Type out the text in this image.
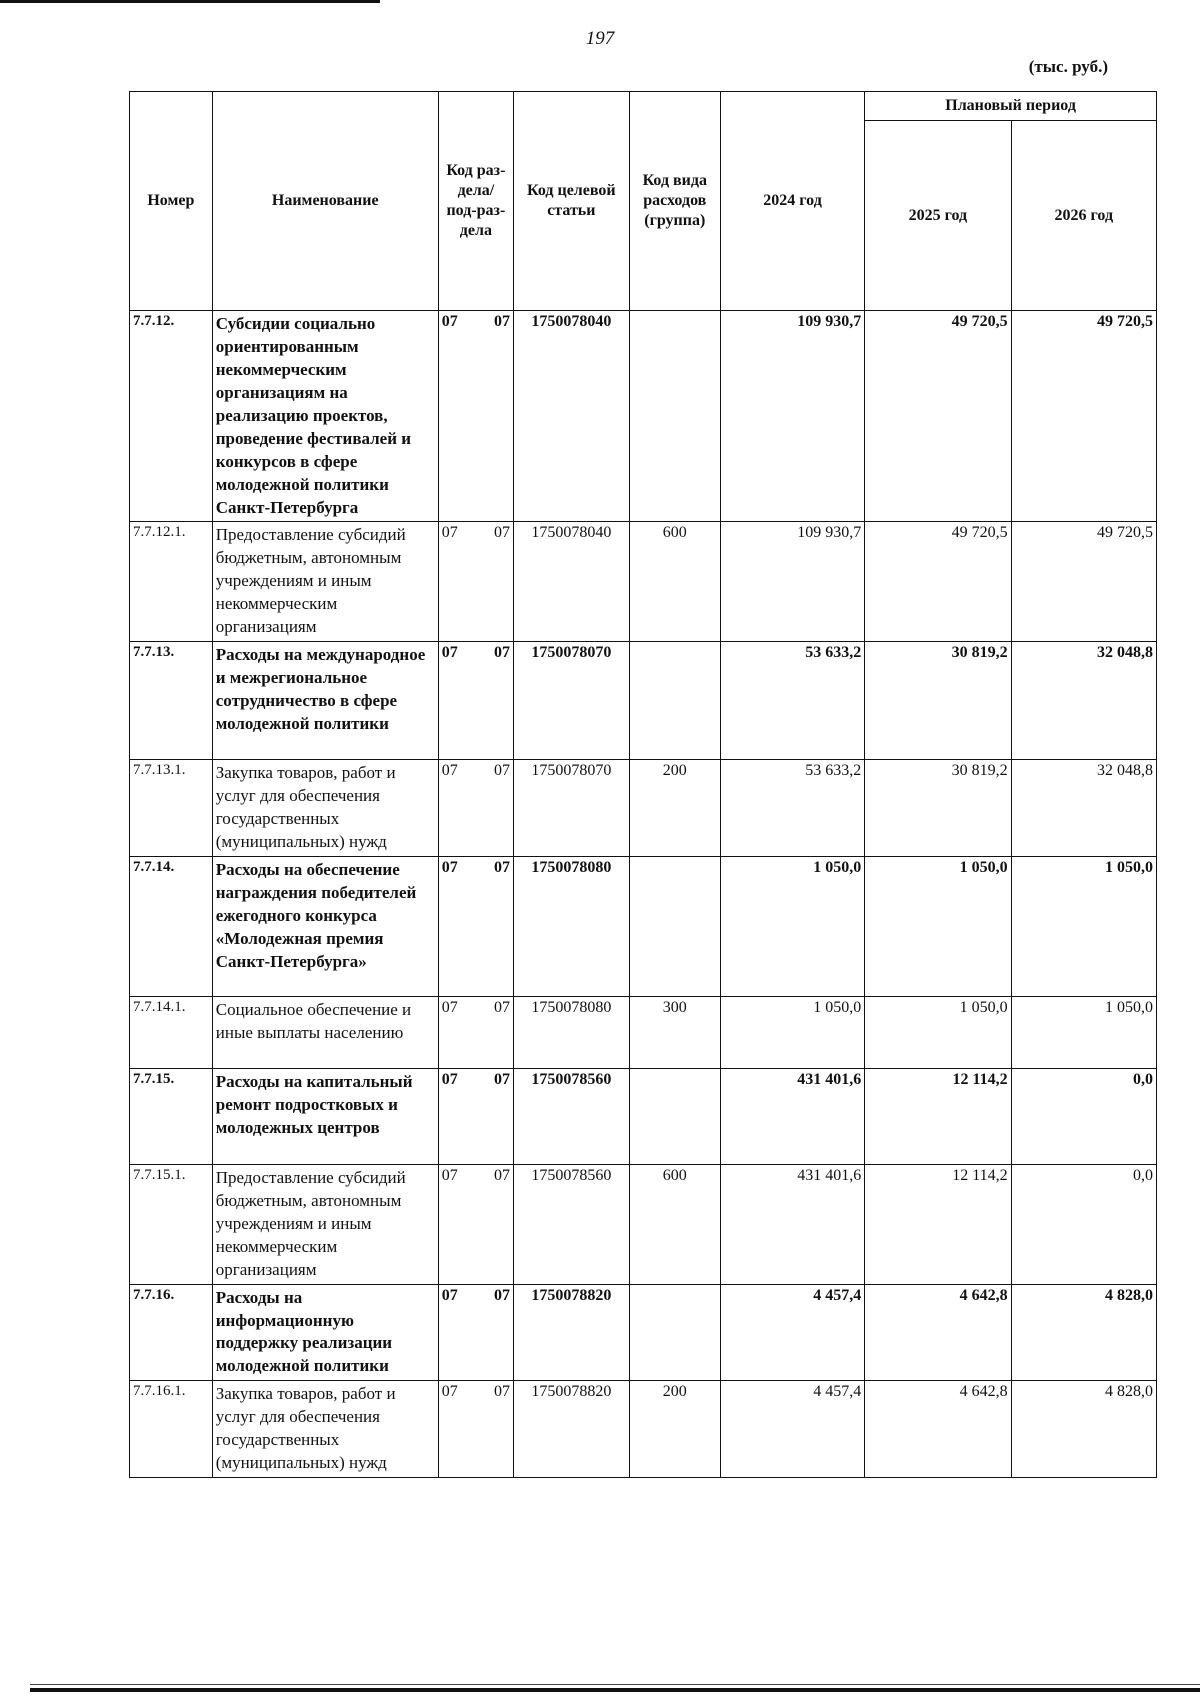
197
(тыс. руб.)
Номер	Наименование	Код раз-дела/ под-раз-дела	Код целевой статьи	Код вида расходов (группа)	2024 год	Плановый период	
						2025 год	2026 год
7.7.12.	Субсидии социально ориентированным некоммерческим организациям на реализацию проектов, проведение фестивалей и конкурсов в сфере молодежной политики Санкт-Петербурга	07 07	1750078040		109 930,7	49 720,5	49 720,5
7.7.12.1.	Предоставление субсидий бюджетным, автономным учреждениям и иным некоммерческим организациям	07 07	1750078040	600	109 930,7	49 720,5	49 720,5
7.7.13.	Расходы на международное и межрегиональное сотрудничество в сфере молодежной политики	07 07	1750078070		53 633,2	30 819,2	32 048,8
7.7.13.1.	Закупка товаров, работ и услуг для обеспечения государственных (муниципальных) нужд	07 07	1750078070	200	53 633,2	30 819,2	32 048,8
7.7.14.	Расходы на обеспечение награждения победителей ежегодного конкурса «Молодежная премия Санкт-Петербурга»	07 07	1750078080		1 050,0	1 050,0	1 050,0
7.7.14.1.	Социальное обеспечение и иные выплаты населению	07 07	1750078080	300	1 050,0	1 050,0	1 050,0
7.7.15.	Расходы на капитальный ремонт подростковых и молодежных центров	07 07	1750078560		431 401,6	12 114,2	0,0
7.7.15.1.	Предоставление субсидий бюджетным, автономным учреждениям и иным некоммерческим организациям	07 07	1750078560	600	431 401,6	12 114,2	0,0
7.7.16.	Расходы на информационную поддержку реализации молодежной политики	07 07	1750078820		4 457,4	4 642,8	4 828,0
7.7.16.1.	Закупка товаров, работ и услуг для обеспечения государственных (муниципальных) нужд	07 07	1750078820	200	4 457,4	4 642,8	4 828,0
